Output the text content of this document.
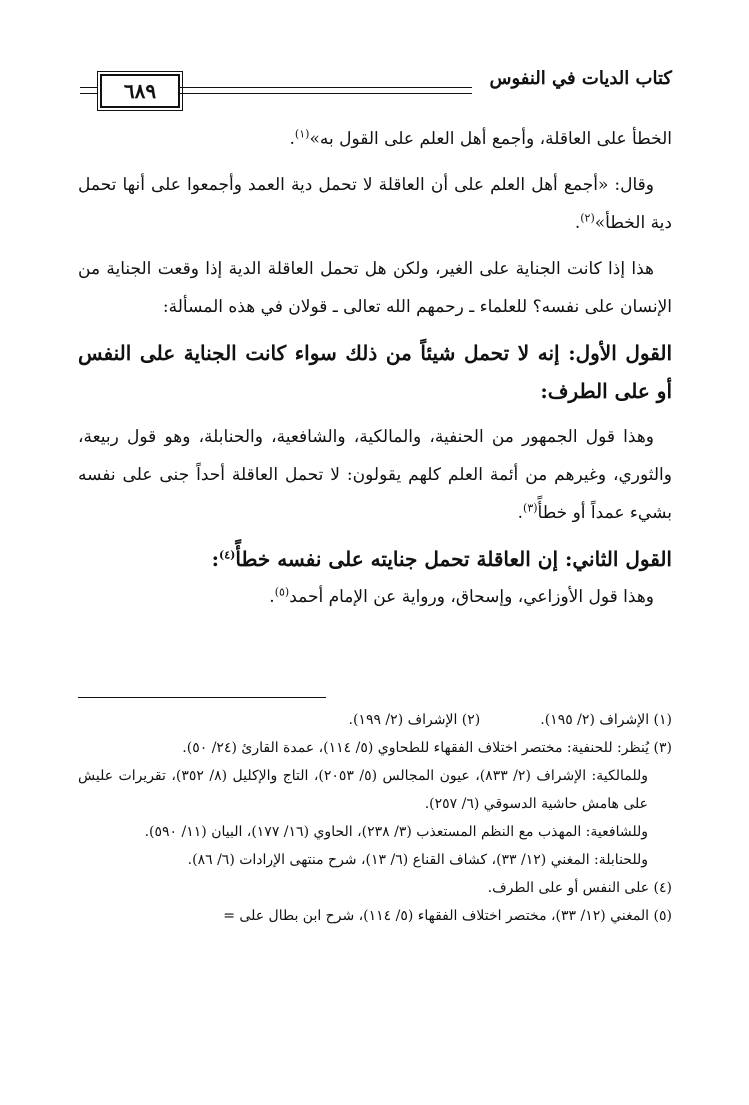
كتاب الديات في النفوس
٦٨٩

الخطأ على العاقلة، وأجمع أهل العلم على القول به»$^{(١)}$.

وقال: «أجمع أهل العلم على أن العاقلة لا تحمل دية العمد وأجمعوا على أنها تحمل دية الخطأ»$^{(٢)}$.

هذا إذا كانت الجناية على الغير، ولكن هل تحمل العاقلة الدية إذا وقعت الجناية من الإنسان على نفسه؟ للعلماء ـ رحمهم الله تعالى ـ قولان في هذه المسألة:

القول الأول: إنه لا تحمل شيئاً من ذلك سواء كانت الجناية على النفس أو على الطرف:

وهذا قول الجمهور من الحنفية، والمالكية، والشافعية، والحنابلة، وهو قول ربيعة، والثوري، وغيرهم من أئمة العلم كلهم يقولون: لا تحمل العاقلة أحداً جنى على نفسه بشيء عمداً أو خطأً$^{(٣)}$.

القول الثاني: إن العاقلة تحمل جنايته على نفسه خطأً$^{(٤)}$:

وهذا قول الأوزاعي، وإسحاق، ورواية عن الإمام أحمد$^{(٥)}$.

(١) الإشراف (٢/ ١٩٥).
(٢) الإشراف (٢/ ١٩٩).

(٣) يُنظر: للحنفية: مختصر اختلاف الفقهاء للطحاوي (٥/ ١١٤)، عمدة القارئ (٢٤/ ٥٠).

وللمالكية: الإشراف (٢/ ٨٣٣)، عيون المجالس (٥/ ٢٠٥٣)، التاج والإكليل (٨/ ٣٥٢)، تقريرات عليش على هامش حاشية الدسوقي (٦/ ٢٥٧).

وللشافعية: المهذب مع النظم المستعذب (٣/ ٢٣٨)، الحاوي (١٦/ ١٧٧)، البيان (١١/ ٥٩٠).

وللحنابلة: المغني (١٢/ ٣٣)، كشاف القناع (٦/ ١٣)، شرح منتهى الإرادات (٦/ ٨٦).

(٤) على النفس أو على الطرف.

(٥) المغني (١٢/ ٣٣)، مختصر اختلاف الفقهاء (٥/ ١١٤)، شرح ابن بطال على =
